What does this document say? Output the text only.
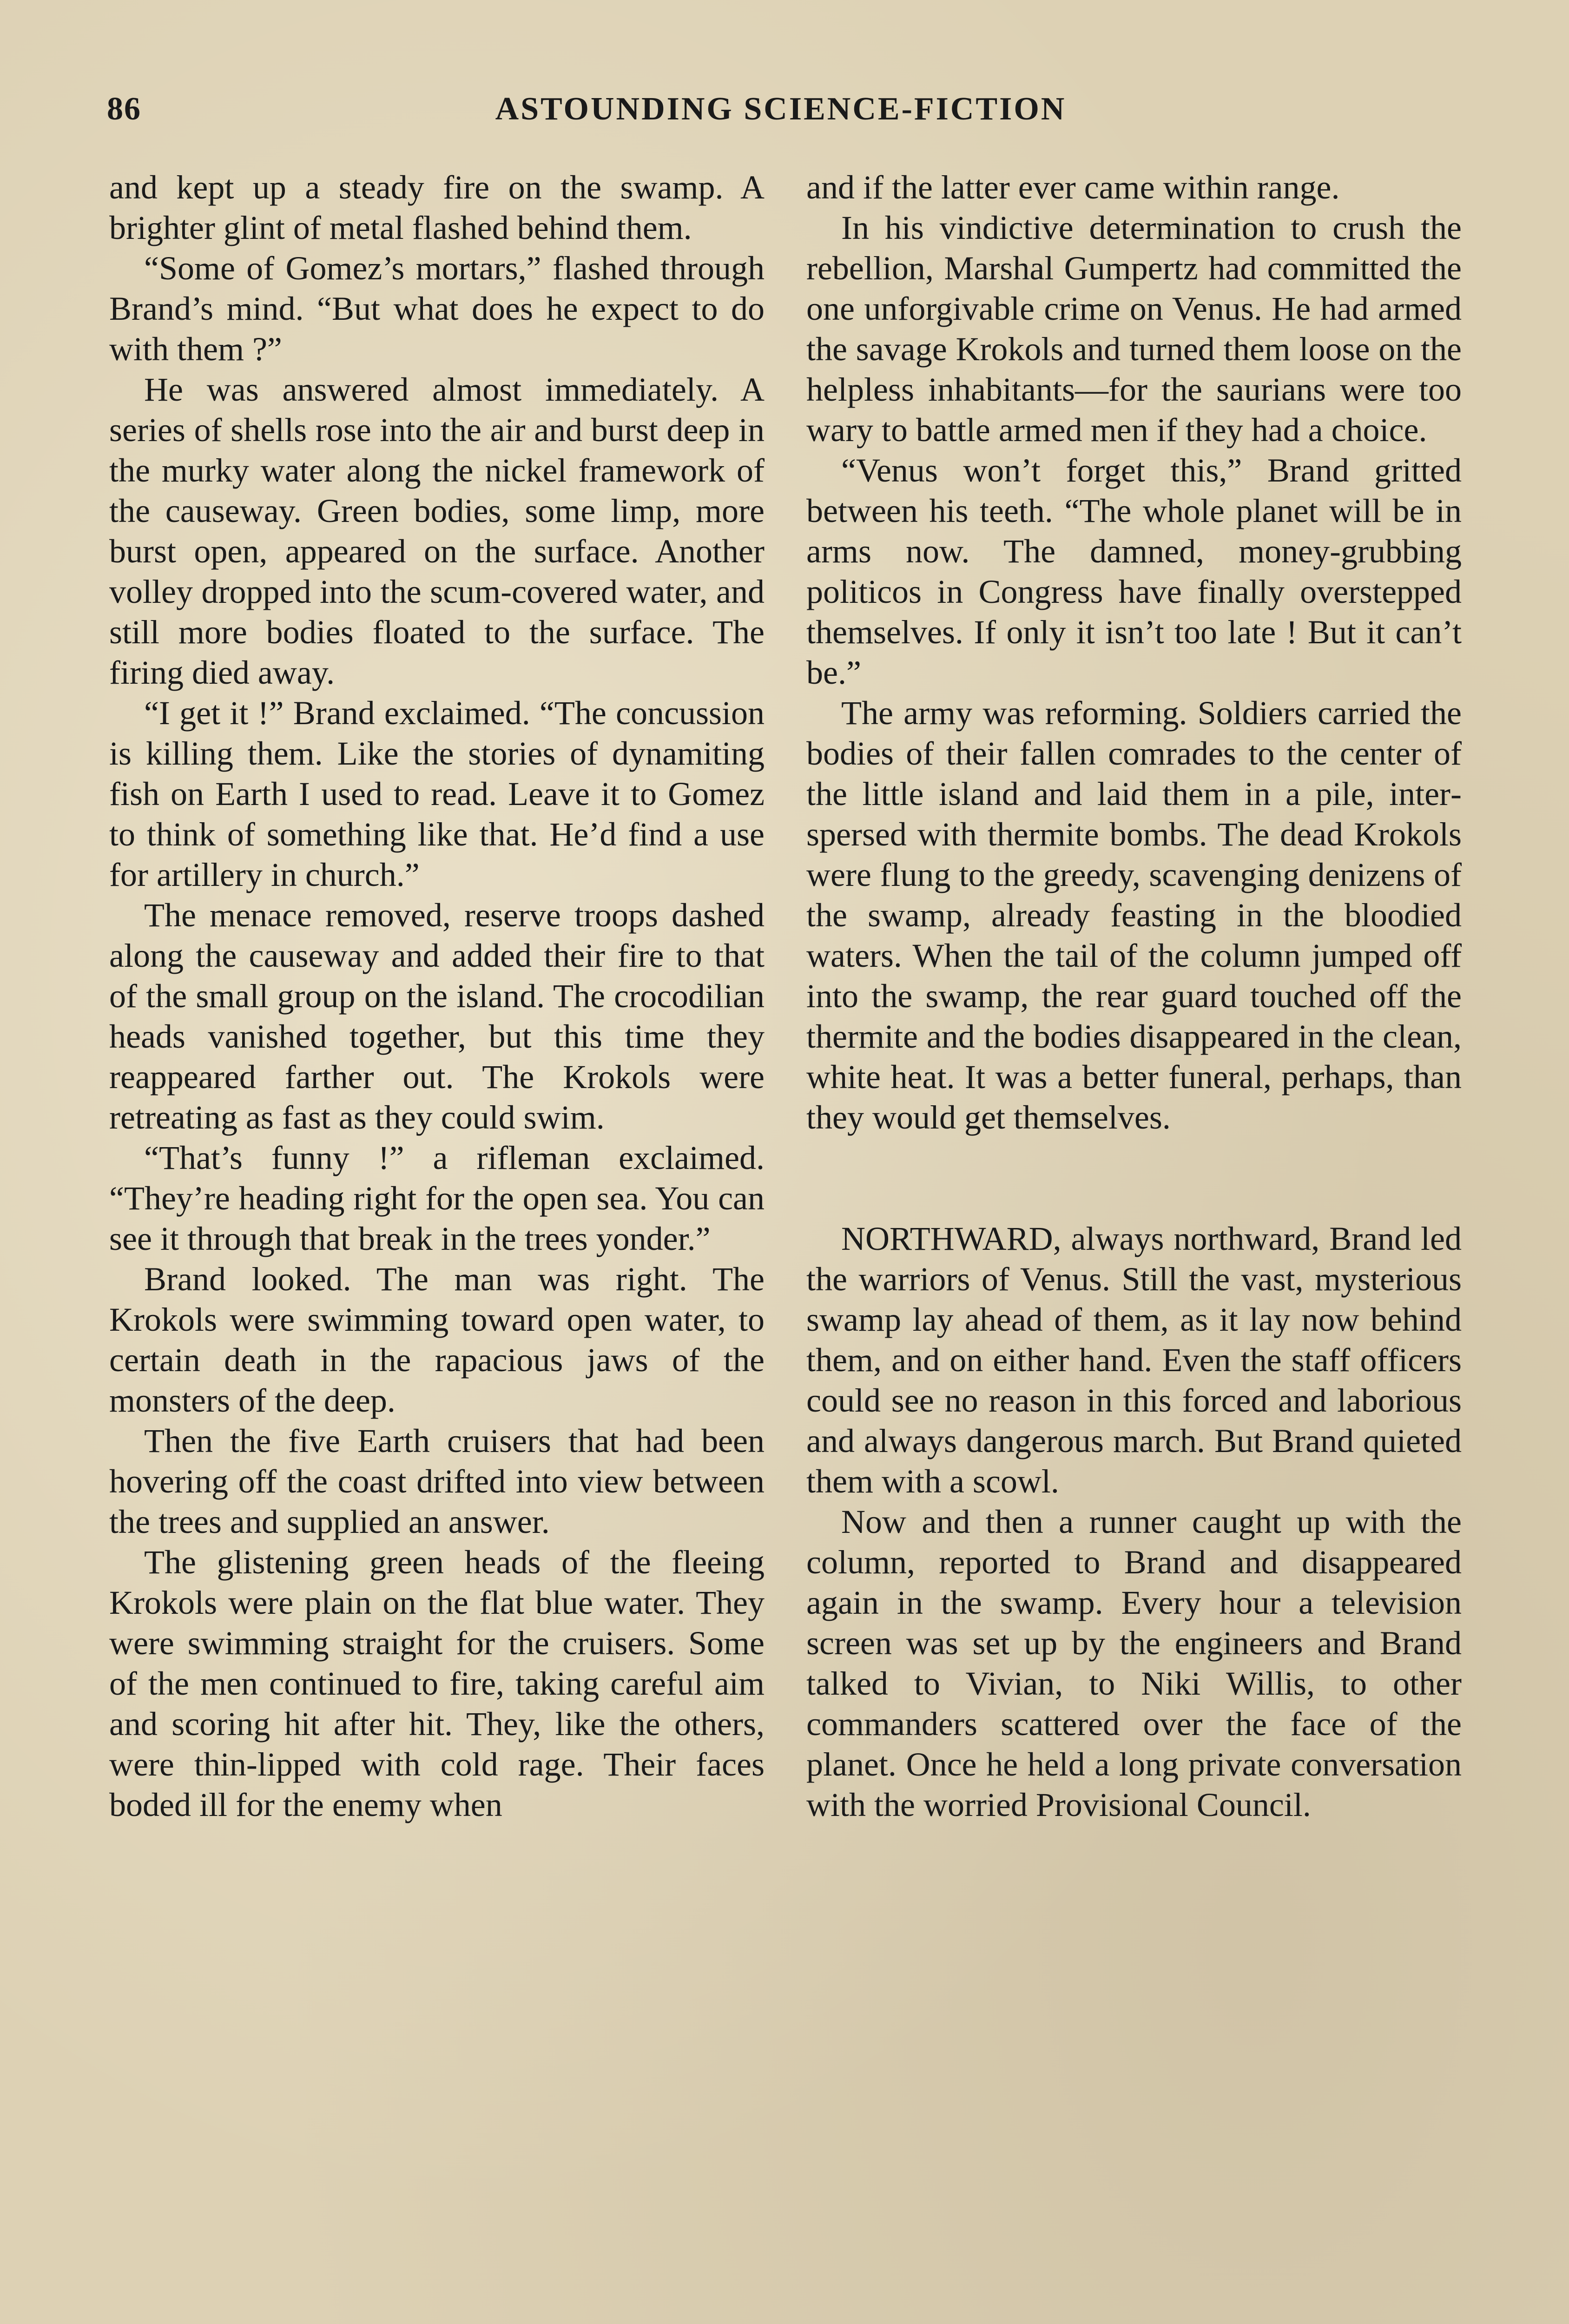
86	ASTOUNDING SCIENCE-FICTION

and kept up a steady fire on the swamp. A brighter glint of metal flashed behind them.

“Some of Gomez’s mortars,” flashed through Brand’s mind. “But what does he expect to do with them ?”

He was answered almost immediately. A series of shells rose into the air and burst deep in the murky water along the nickel framework of the causeway. Green bodies, some limp, more burst open, appeared on the surface. Another volley dropped into the scum-covered water, and still more bodies floated to the surface. The firing died away.

“I get it !” Brand exclaimed. “The concussion is killing them. Like the stories of dynamiting fish on Earth I used to read. Leave it to Gomez to think of something like that. He’d find a use for artillery in church.”

The menace removed, reserve troops dashed along the causeway and added their fire to that of the small group on the island. The crocodilian heads vanished together, but this time they reappeared farther out. The Krokols were retreating as fast as they could swim.

“That’s funny !” a rifleman exclaimed. “They’re heading right for the open sea. You can see it through that break in the trees yonder.”

Brand looked. The man was right. The Krokols were swimming toward open water, to certain death in the rapacious jaws of the monsters of the deep.

Then the five Earth cruisers that had been hovering off the coast drifted into view between the trees and supplied an answer.

The glistening green heads of the fleeing Krokols were plain on the flat blue water. They were swimming straight for the cruisers. Some of the men continued to fire, taking careful aim and scoring hit after hit. They, like the others, were thin-lipped with cold rage. Their faces boded ill for the enemy when

and if the latter ever came within range.

In his vindictive determination to crush the rebellion, Marshal Gumpertz had committed the one unforgivable crime on Venus. He had armed the savage Krokols and turned them loose on the helpless inhabitants—for the saurians were too wary to battle armed men if they had a choice.

“Venus won’t forget this,” Brand gritted between his teeth. “The whole planet will be in arms now. The damned, money-grubbing politicos in Congress have finally overstepped themselves. If only it isn’t too late ! But it can’t be.”

The army was reforming. Soldiers carried the bodies of their fallen comrades to the center of the little island and laid them in a pile, interspersed with thermite bombs. The dead Krokols were flung to the greedy, scavenging denizens of the swamp, already feasting in the bloodied waters. When the tail of the column jumped off into the swamp, the rear guard touched off the thermite and the bodies disappeared in the clean, white heat. It was a better funeral, perhaps, than they would get themselves.

NORTHWARD, always northward, Brand led the warriors of Venus. Still the vast, mysterious swamp lay ahead of them, as it lay now behind them, and on either hand. Even the staff officers could see no reason in this forced and laborious and always dangerous march. But Brand quieted them with a scowl.

Now and then a runner caught up with the column, reported to Brand and disappeared again in the swamp. Every hour a television screen was set up by the engineers and Brand talked to Vivian, to Niki Willis, to other commanders scattered over the face of the planet. Once he held a long private conversation with the worried Provisional Council.
